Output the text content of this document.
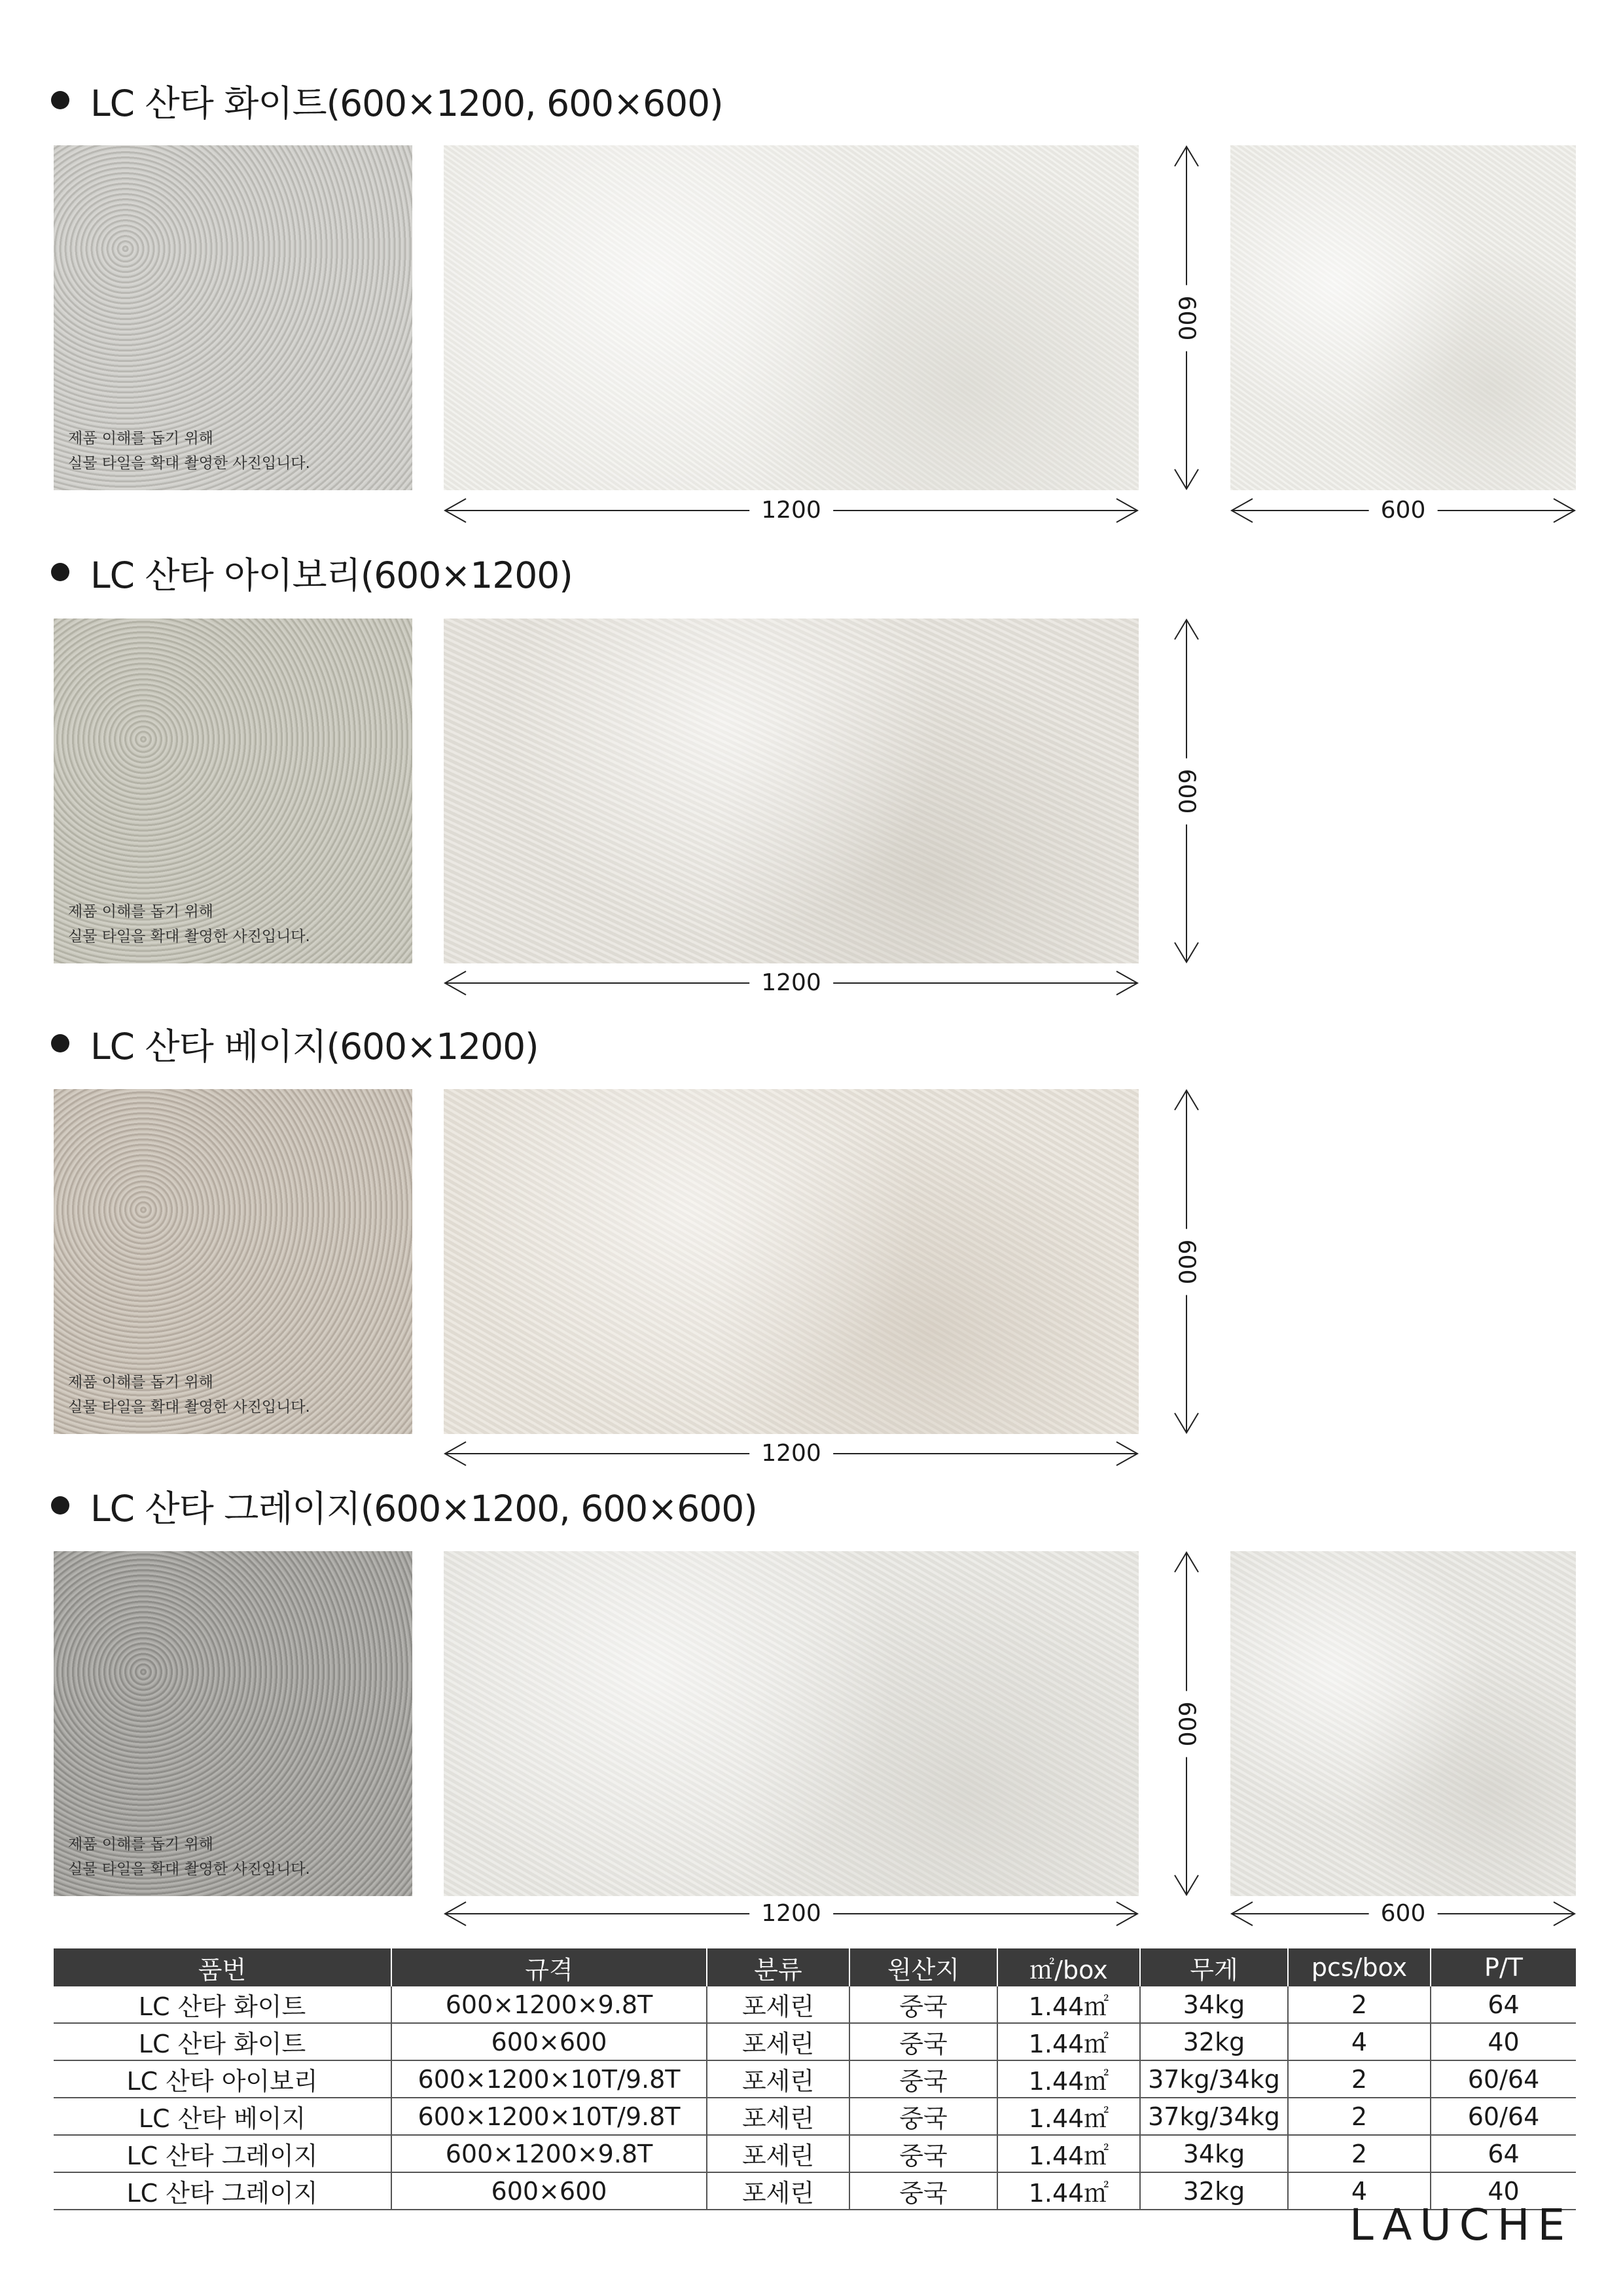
LC 산타 화이트(600×1200, 600×600)
제품 이해를 돕기 위해
실물 타일을 확대 촬영한 사진입니다.
600
1200	600
LC 산타 아이보리(600×1200)
제품 이해를 돕기 위해
실물 타일을 확대 촬영한 사진입니다.
600
1200
LC 산타 베이지(600×1200)
제품 이해를 돕기 위해
실물 타일을 확대 촬영한 사진입니다.
600
1200
LC 산타 그레이지(600×1200, 600×600)
제품 이해를 돕기 위해
실물 타일을 확대 촬영한 사진입니다.
600
1200	600
품번	규격	분류	원산지	㎡/box	무게	pcs/box	P/T
LC 산타 화이트	600×1200×9.8T	포세린	중국	1.44㎡	34kg	2	64
LC 산타 화이트	600×600	포세린	중국	1.44㎡	32kg	4	40
LC 산타 아이보리	600×1200×10T/9.8T	포세린	중국	1.44㎡	37kg/34kg	2	60/64
LC 산타 베이지	600×1200×10T/9.8T	포세린	중국	1.44㎡	37kg/34kg	2	60/64
LC 산타 그레이지	600×1200×9.8T	포세린	중국	1.44㎡	34kg	2	64
LC 산타 그레이지	600×600	포세린	중국	1.44㎡	32kg	4	40
LAUCHE
